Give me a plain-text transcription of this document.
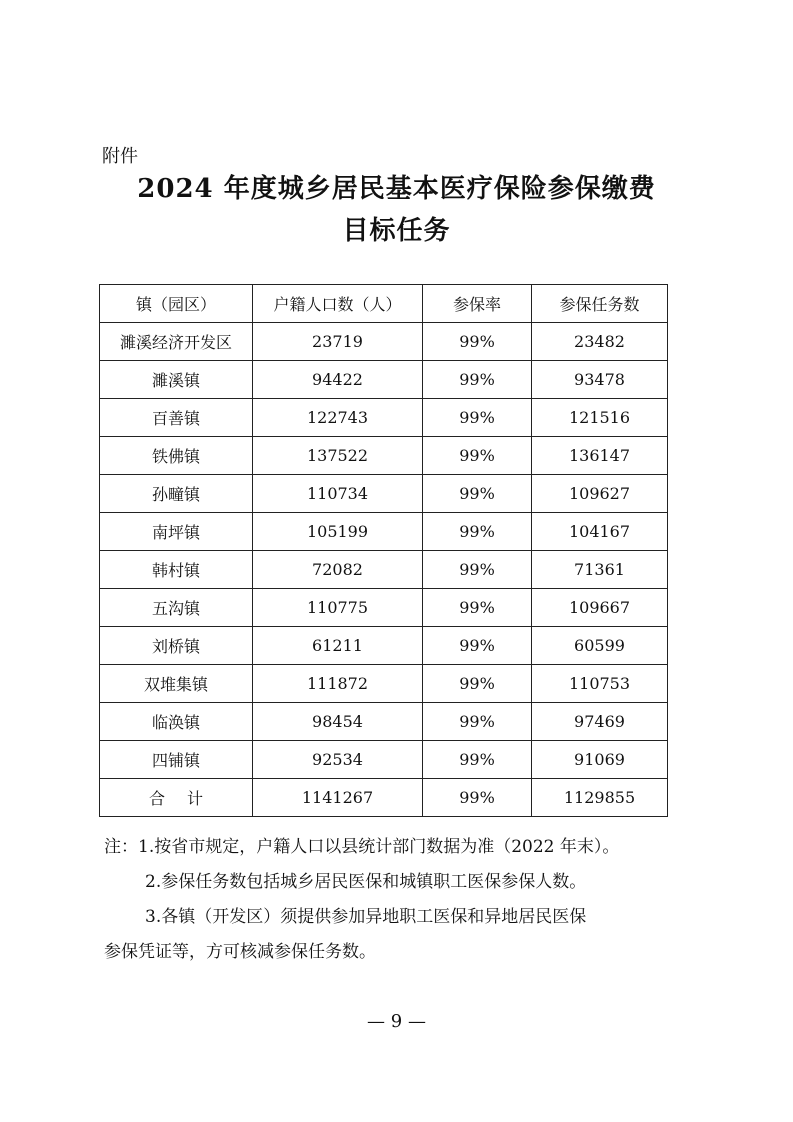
附件
2024 年度城乡居民基本医疗保险参保缴费
目标任务
镇（园区）	户籍人口数（人）	参保率	参保任务数
濉溪经济开发区	23719	99%	23482
濉溪镇	94422	99%	93478
百善镇	122743	99%	121516
铁佛镇	137522	99%	136147
孙疃镇	110734	99%	109627
南坪镇	105199	99%	104167
韩村镇	72082	99%	71361
五沟镇	110775	99%	109667
刘桥镇	61211	99%	60599
双堆集镇	111872	99%	110753
临涣镇	98454	99%	97469
四铺镇	92534	99%	91069
合计	1141267	99%	1129855
注：1.按省市规定，户籍人口以县统计部门数据为准（2022 年末）。
2.参保任务数包括城乡居民医保和城镇职工医保参保人数。
3.各镇（开发区）须提供参加异地职工医保和异地居民医保
参保凭证等，方可核减参保任务数。
— 9 —
